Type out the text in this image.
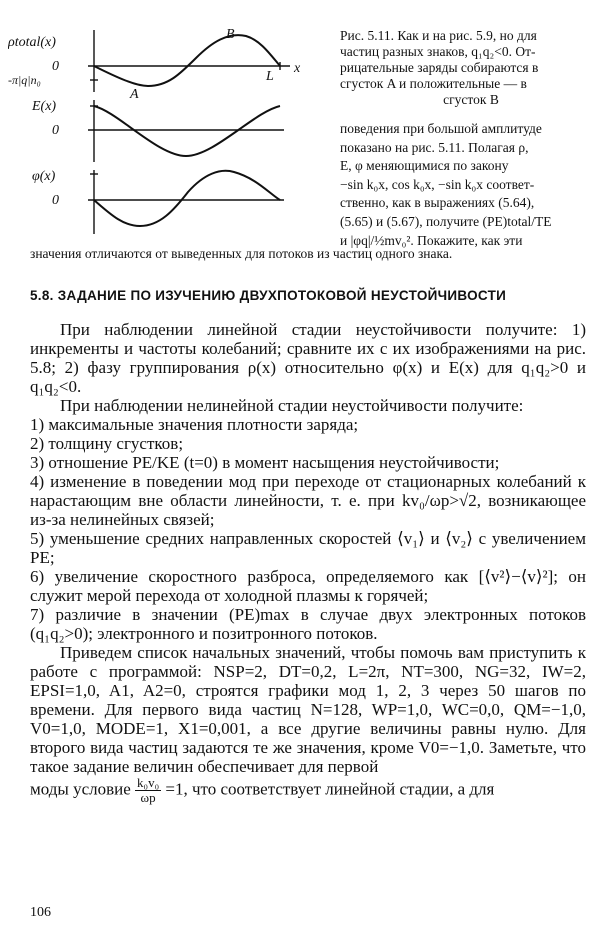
ρtotal(x)
0
-π|q|n₀
A
B
L
x
E(x)
0
φ(x)
0
Рис. 5.11. Как и на рис. 5.9, но для
частиц разных знаков, q₁q₂<0. От-
рицательные заряды собираются в
сгусток A и положительные — в
сгусток B
поведения при большой амплитуде
показано на рис. 5.11. Полагая ρ,
E, φ меняющимися по закону
−sin k₀x, cos k₀x, −sin k₀x соответ-
ственно, как в выражениях (5.64),
(5.65) и (5.67), получите (PE)total/TE
и |φq|/½mv₀². Покажите, как эти
значения отличаются от выведенных для потоков из частиц одного знака.
5.8. ЗАДАНИЕ ПО ИЗУЧЕНИЮ ДВУХПОТОКОВОЙ НЕУСТОЙЧИВОСТИ

При наблюдении линейной стадии неустойчивости получите: 1) инкременты и частоты колебаний; сравните их с их изображениями на рис. 5.8; 2) фазу группирования ρ(x) относительно φ(x) и E(x) для q₁q₂>0 и q₁q₂<0.

При наблюдении нелинейной стадии неустойчивости получите:

1) максимальные значения плотности заряда;

2) толщину сгустков;

3) отношение PE/KE (t=0) в момент насыщения неустойчивости;

4) изменение в поведении мод при переходе от стационарных колебаний к нарастающим вне области линейности, т. е. при kv₀/ωp>√2, возникающее из-за нелинейных связей;

5) уменьшение средних направленных скоростей ⟨v₁⟩ и ⟨v₂⟩ с увеличением PE;

6) увеличение скоростного разброса, определяемого как [⟨v²⟩−⟨v⟩²]; он служит мерой перехода от холодной плазмы к горячей;

7) различие в значении (PE)max в случае двух электронных потоков (q₁q₂>0); электронного и позитронного потоков.

Приведем список начальных значений, чтобы помочь вам приступить к работе с программой: NSP=2, DT=0,2, L=2π, NT=300, NG=32, IW=2, EPSI=1,0, A1, A2=0, строятся графики мод 1, 2, 3 через 50 шагов по времени. Для первого вида частиц N=128, WP=1,0, WC=0,0, QM=−1,0, V0=1,0, MODE=1, X1=0,001, а все другие величины равны нулю. Для второго вида частиц задаются те же значения, кроме V0=−1,0. Заметьте, что такое задание величин обеспечивает для первой

моды условие $\frac{\text{k₀v₀}}{\omega p} =1$, что соответствует линейной стадии, а для

106
